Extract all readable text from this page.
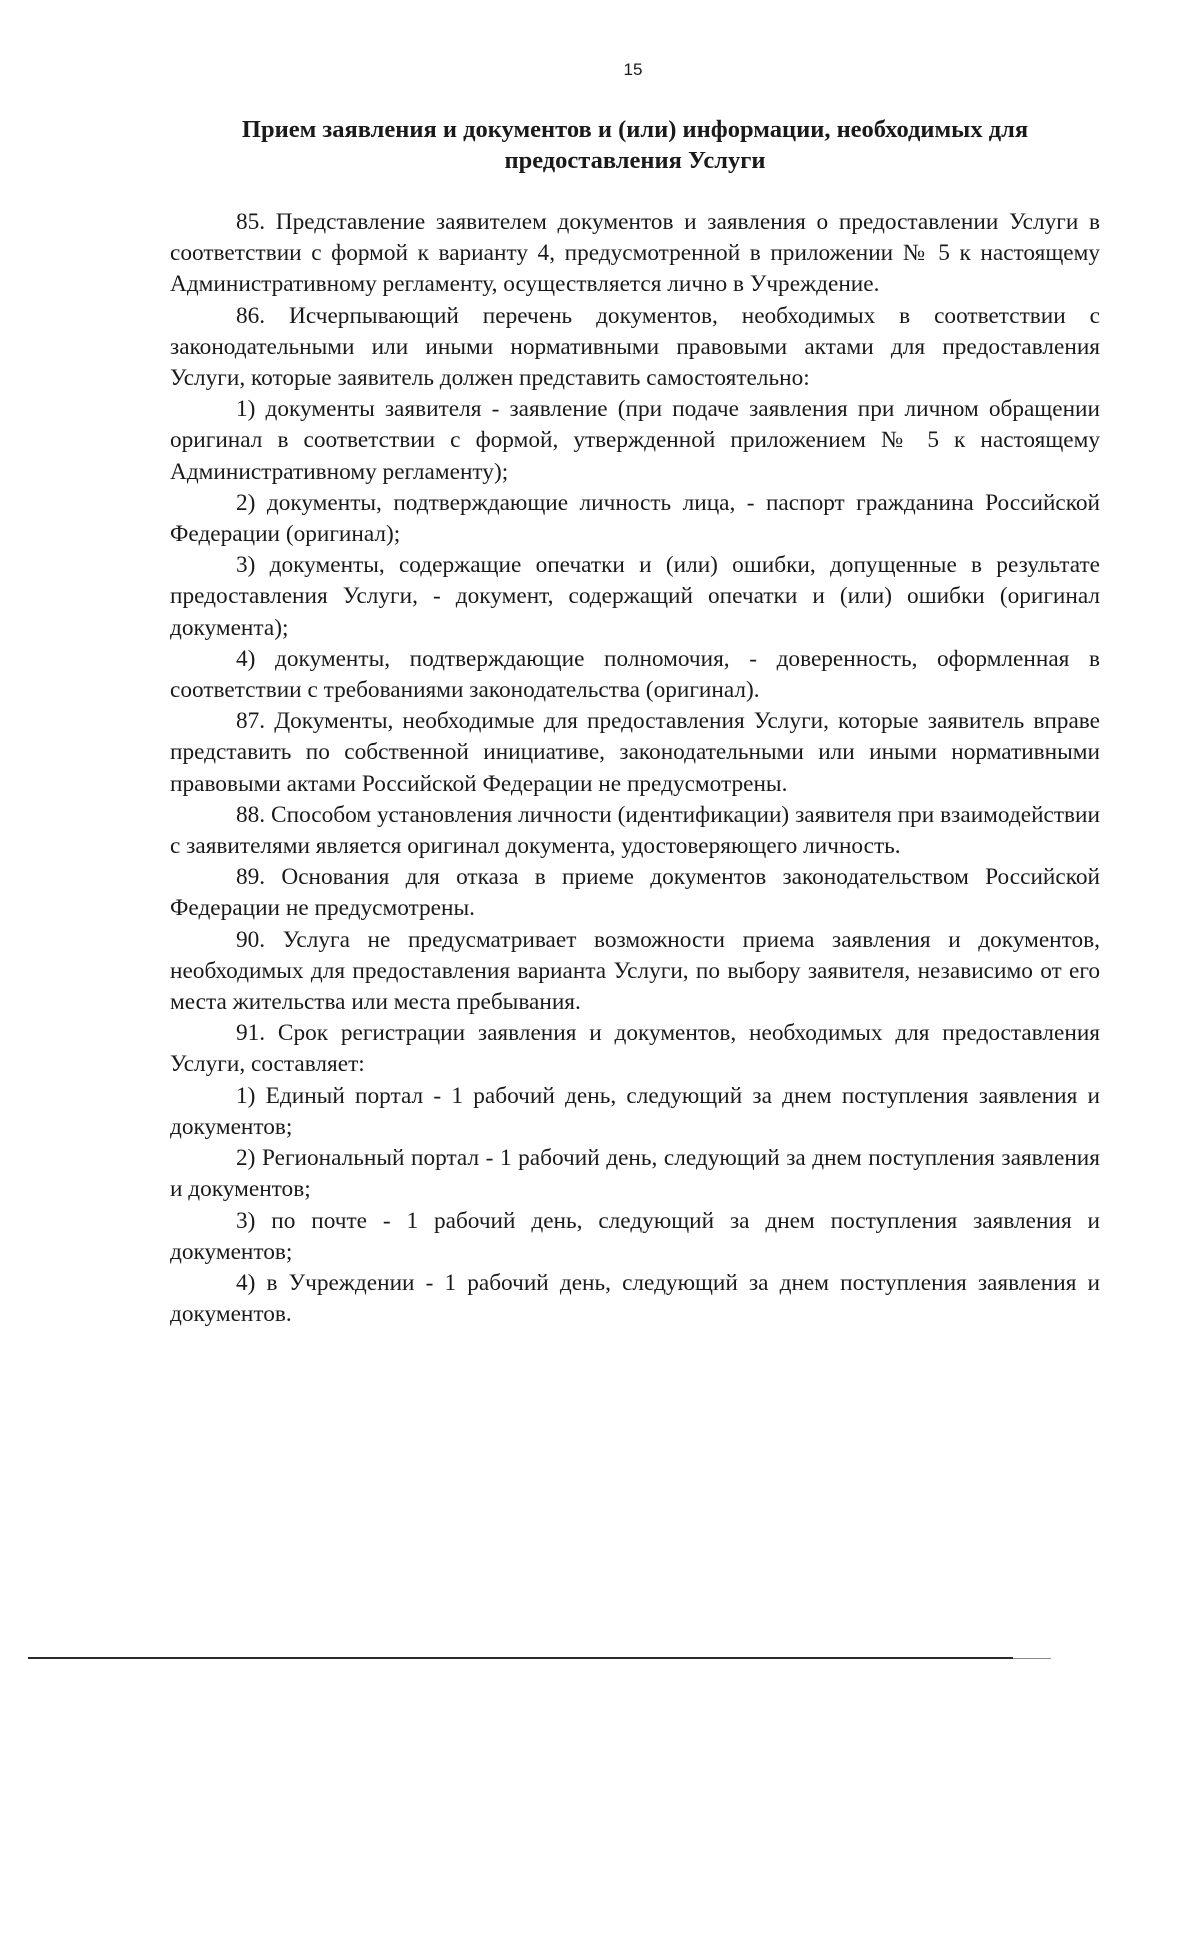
15
Прием заявления и документов и (или) информации, необходимых для предоставления Услуги

85. Представление заявителем документов и заявления о предоставлении Услуги в соответствии с формой к варианту 4, предусмотренной в приложении № 5 к настоящему Административному регламенту, осуществляется лично в Учреждение.

86. Исчерпывающий перечень документов, необходимых в соответствии с законодательными или иными нормативными правовыми актами для предоставления Услуги, которые заявитель должен представить самостоятельно:

1) документы заявителя - заявление (при подаче заявления при личном обращении оригинал в соответствии с формой, утвержденной приложением № 5 к настоящему Административному регламенту);

2) документы, подтверждающие личность лица, - паспорт гражданина Российской Федерации (оригинал);

3) документы, содержащие опечатки и (или) ошибки, допущенные в результате предоставления Услуги, - документ, содержащий опечатки и (или) ошибки (оригинал документа);

4) документы, подтверждающие полномочия, - доверенность, оформленная в соответствии с требованиями законодательства (оригинал).

87. Документы, необходимые для предоставления Услуги, которые заявитель вправе представить по собственной инициативе, законодательными или иными нормативными правовыми актами Российской Федерации не предусмотрены.

88. Способом установления личности (идентификации) заявителя при взаимодействии с заявителями является оригинал документа, удостоверяющего личность.

89. Основания для отказа в приеме документов законодательством Российской Федерации не предусмотрены.

90. Услуга не предусматривает возможности приема заявления и документов, необходимых для предоставления варианта Услуги, по выбору заявителя, независимо от его места жительства или места пребывания.

91. Срок регистрации заявления и документов, необходимых для предоставления Услуги, составляет:

1) Единый портал - 1 рабочий день, следующий за днем поступления заявления и документов;

2) Региональный портал - 1 рабочий день, следующий за днем поступления заявления и документов;

3) по почте - 1 рабочий день, следующий за днем поступления заявления и документов;

4) в Учреждении - 1 рабочий день, следующий за днем поступления заявления и документов.
